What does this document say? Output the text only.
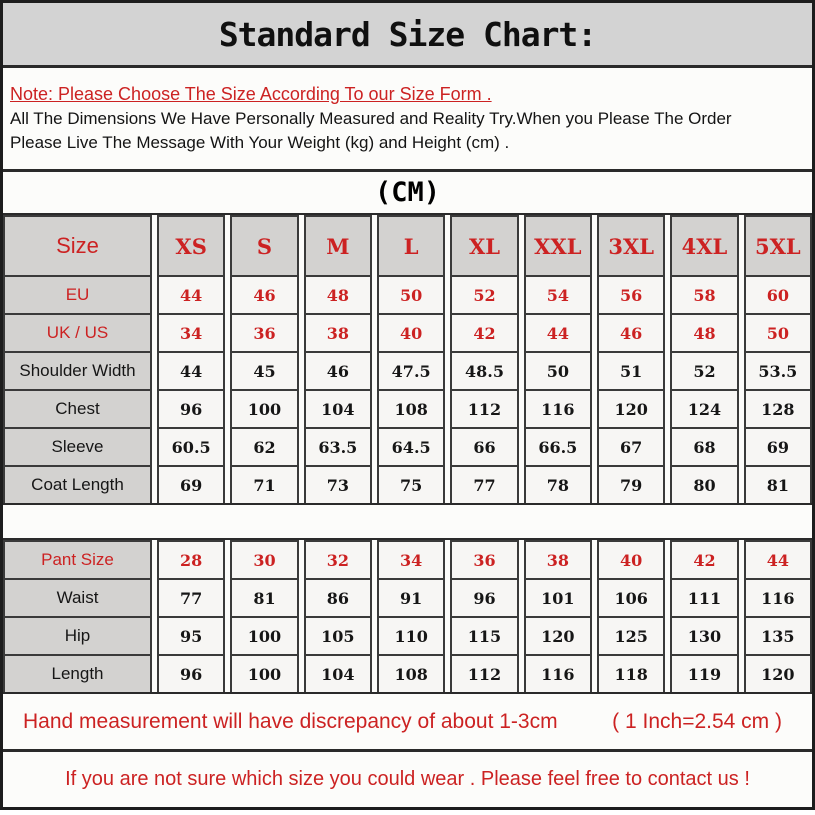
Standard Size Chart:

Note: Please Choose The Size According To our Size Form .

All The Dimensions We Have Personally Measured and Reality Try.When you Please The Order

Please Live The Message With Your Weight (kg) and Height (cm) .

(CM)
Size	XS	S	M	L	XL	XXL	3XL	4XL	5XL
EU	44	46	48	50	52	54	56	58	60
UK / US	34	36	38	40	42	44	46	48	50
Shoulder Width	44	45	46	47.5	48.5	50	51	52	53.5
Chest	96	100	104	108	112	116	120	124	128
Sleeve	60.5	62	63.5	64.5	66	66.5	67	68	69
Coat Length	69	71	73	75	77	78	79	80	81
Pant Size	28	30	32	34	36	38	40	42	44
Waist	77	81	86	91	96	101	106	111	116
Hip	95	100	105	110	115	120	125	130	135
Length	96	100	104	108	112	116	118	119	120
Hand measurement will have discrepancy of about 1-3cm	( 1 Inch=2.54 cm )
If you are not sure which size you could wear . Please feel free to contact us !
